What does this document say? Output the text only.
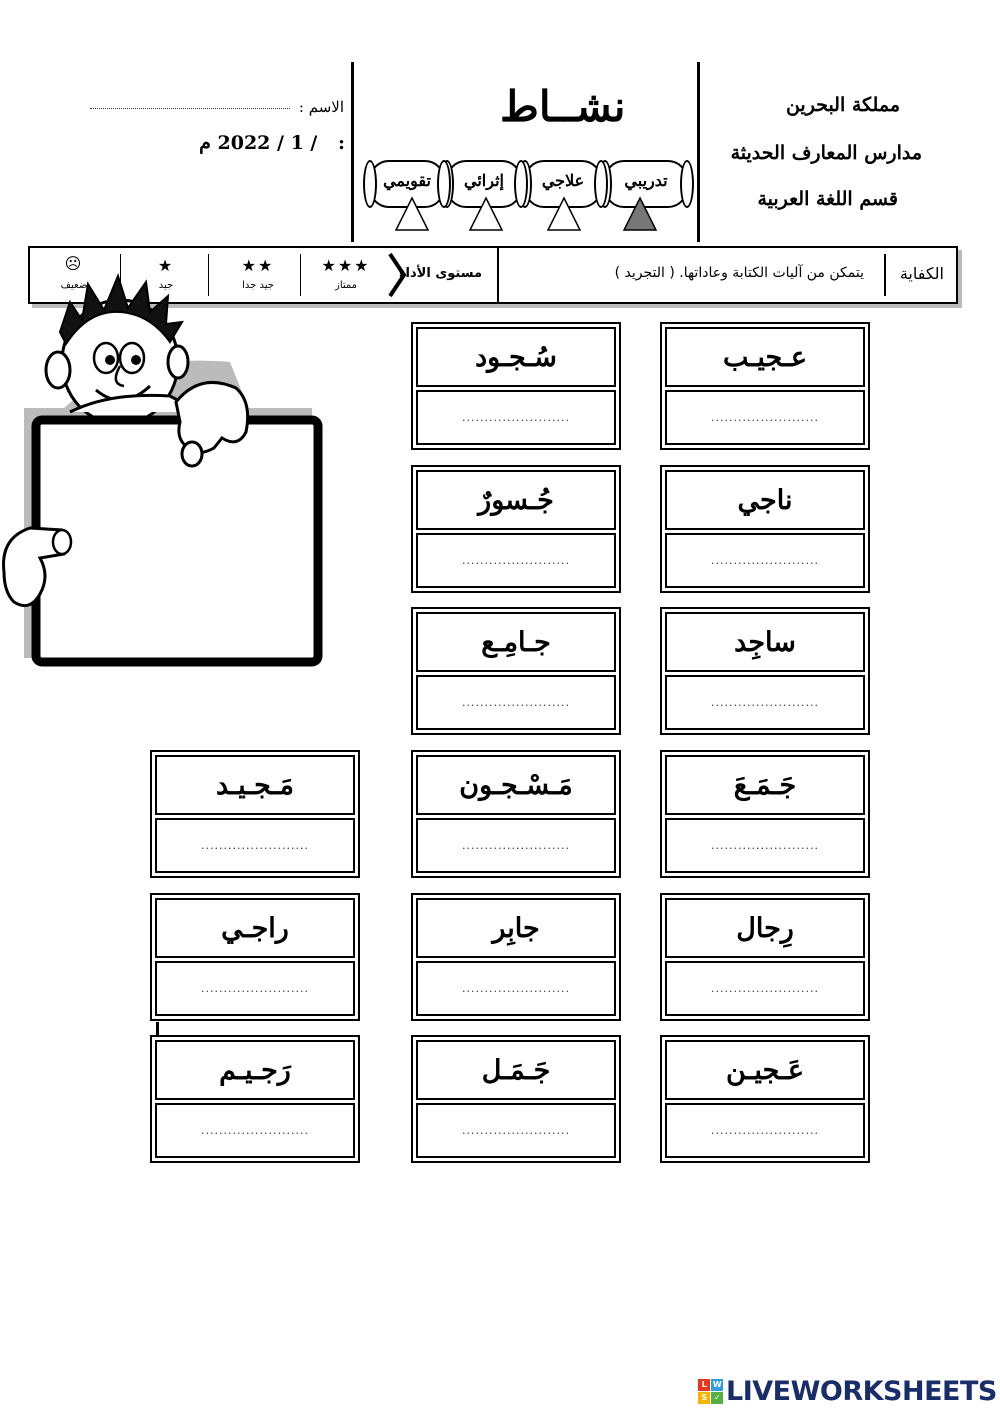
مملكة البحرين
مدارس المعارف الحديثة
قسم اللغة العربية
نشــاط
الاسم :
: / 1 / 2022 م
تدريبي
علاجي
إثرائي
تقويمي
الكفاية
يتمكن من آليات الكتابة وعاداتها. ( التجريد )
مستوى الأداء
★★★
ممتاز
★★
جيد جدا
★
جيد
☹
ضعيف
عـجيـب
........................
ناجي
........................
ساجِد
........................
جَـمَـعَ
........................
رِجال
........................
عَـجيـن
........................
سُـجـود
........................
جُـسورٌ
........................
جـامِـع
........................
مَـسْـجـون
........................
جابِر
........................
جَـمَـل
........................
مَـجـيـد
........................
راجـي
........................
رَجـيـم
........................
L W
S ✓ LIVEWORKSHEETS
